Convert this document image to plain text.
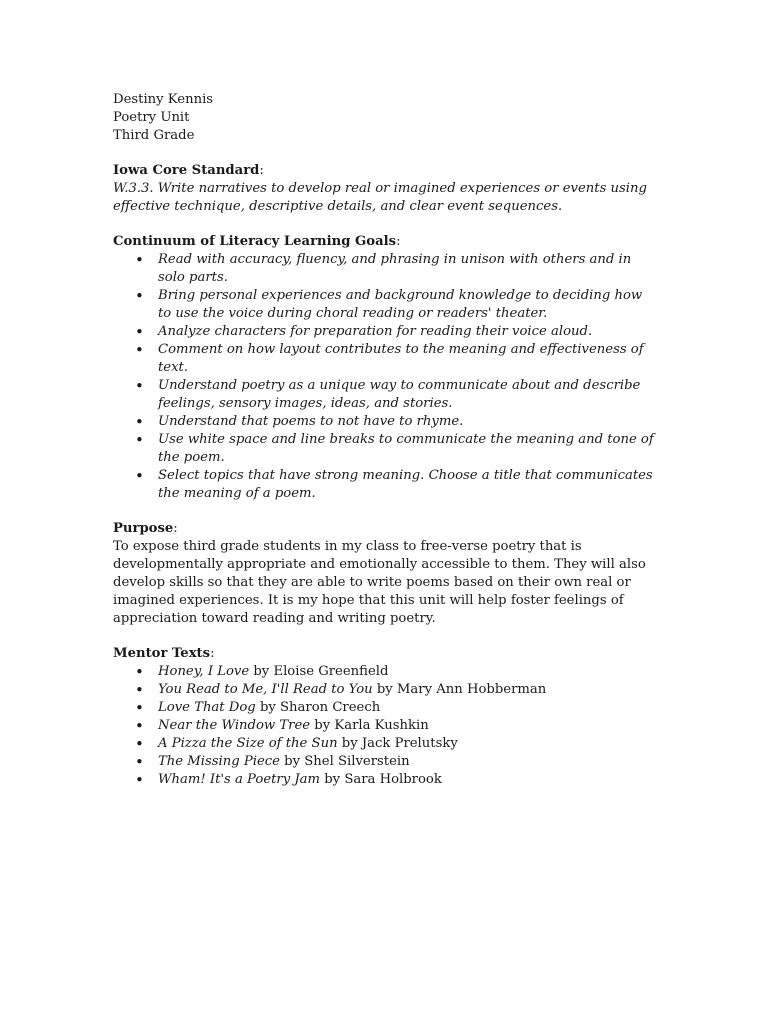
Destiny Kennis
Poetry Unit
Third Grade
Iowa Core Standard:
W.3.3. Write narratives to develop real or imagined experiences or events using
effective technique, descriptive details, and clear event sequences.
Continuum of Literacy Learning Goals:
• Read with accuracy, fluency, and phrasing in unison with others and in solo parts.
• Bring personal experiences and background knowledge to deciding how to use the voice during choral reading or readers' theater.
• Analyze characters for preparation for reading their voice aloud.
• Comment on how layout contributes to the meaning and effectiveness of text.
• Understand poetry as a unique way to communicate about and describe feelings, sensory images, ideas, and stories.
• Understand that poems to not have to rhyme.
• Use white space and line breaks to communicate the meaning and tone of the poem.
• Select topics that have strong meaning. Choose a title that communicates the meaning of a poem.
Purpose:
To expose third grade students in my class to free-verse poetry that is
developmentally appropriate and emotionally accessible to them. They will also
develop skills so that they are able to write poems based on their own real or
imagined experiences. It is my hope that this unit will help foster feelings of
appreciation toward reading and writing poetry.
Mentor Texts:
• Honey, I Love by Eloise Greenfield
• You Read to Me, I'll Read to You by Mary Ann Hobberman
• Love That Dog by Sharon Creech
• Near the Window Tree by Karla Kushkin
• A Pizza the Size of the Sun by Jack Prelutsky
• The Missing Piece by Shel Silverstein
• Wham! It's a Poetry Jam by Sara Holbrook
